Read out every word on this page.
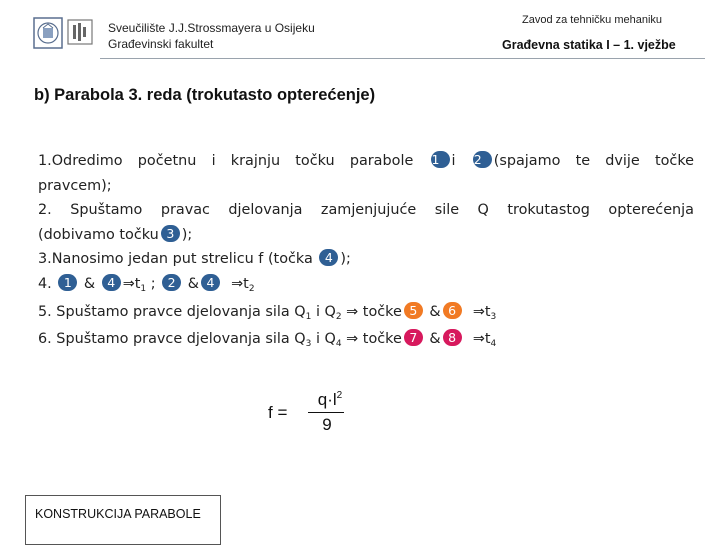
Sveučilište J.J.Strossmayera u Osijeku
Građevinski fakultet
Zavod za tehničku mehaniku
Građevna statika I – 1. vježbe
b) Parabola 3. reda (trokutasto opterećenje)
1.Odredimo početnu i krajnju točku parabole 1 i 2 (spajamo te dvije točke
pravcem);
2. Spuštamo pravac djelovanja zamjenjujuće sile Q trokutastog opterećenja
(dobivamo točku 3 );
3.Nanosimo jedan put strelicu f (točka 4 );
4. 1 & 4 $\Rightarrow t_1$ ; 2 & 4 $\Rightarrow t_2$
5. Spuštamo pravce djelovanja sila $Q_1$ i $Q_2$ ⇒ točke 5 & 6 $\Rightarrow t_3$
6. Spuštamo pravce djelovanja sila $Q_3$ i $Q_4$ ⇒ točke 7 & 8 $\Rightarrow t_4$
f =
$q\cdot l^2$
9
KONSTRUKCIJA PARABOLE
